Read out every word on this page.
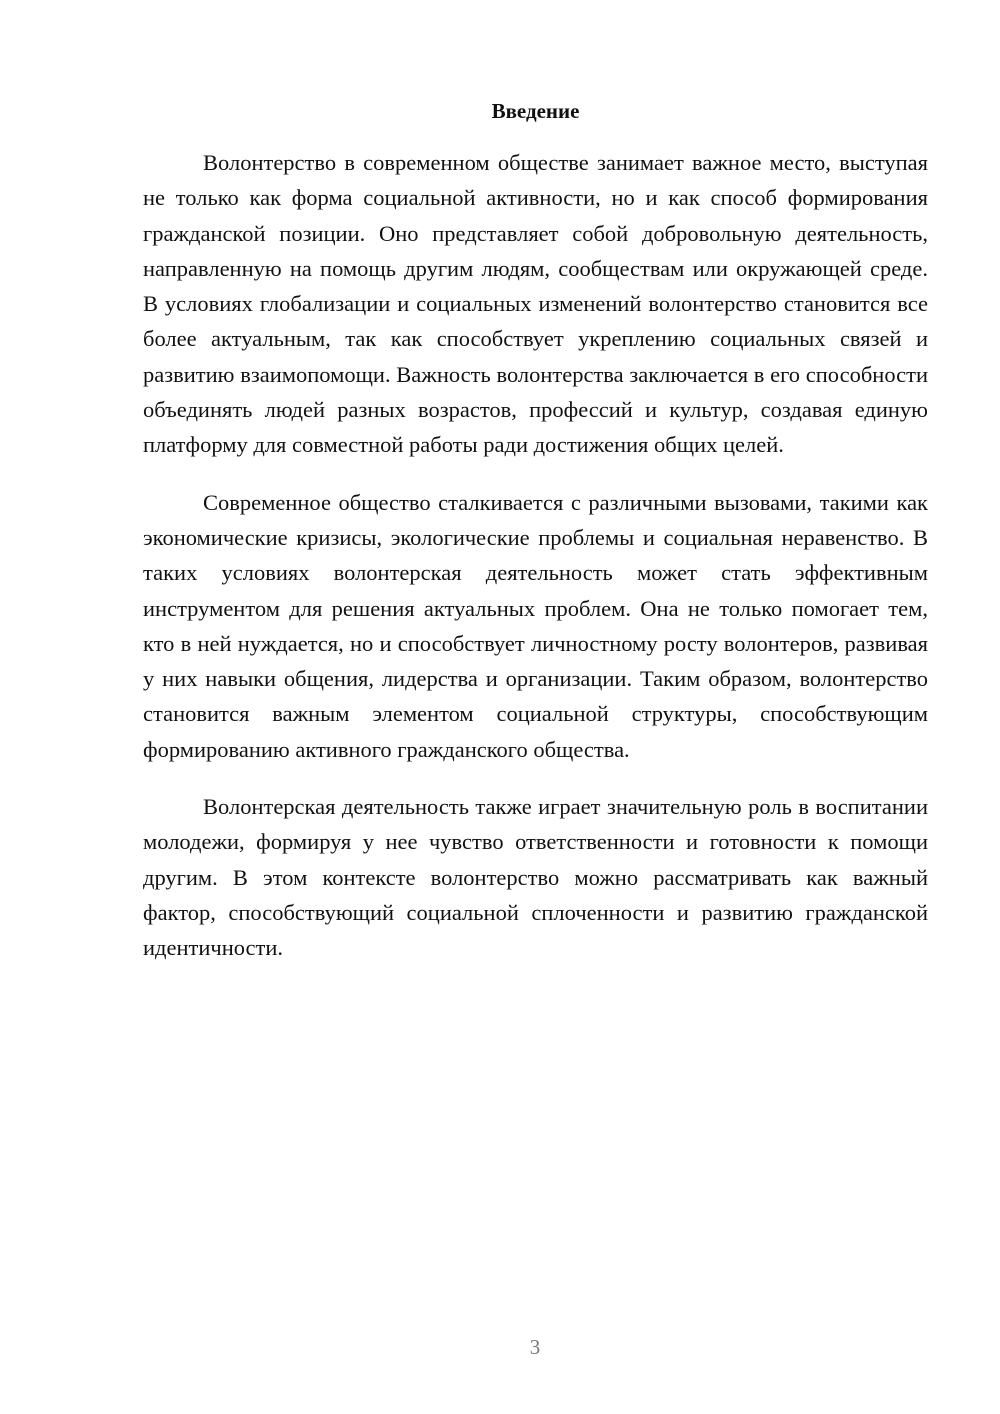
Введение

Волонтерство в современном обществе занимает важное место, выступая не только как форма социальной активности, но и как способ формирования гражданской позиции. Оно представляет собой добровольную деятельность, направленную на помощь другим людям, сообществам или окружающей среде. В условиях глобализации и социальных изменений волонтерство становится все более актуальным, так как способствует укреплению социальных связей и развитию взаимопомощи. Важность волонтерства заключается в его способности объединять людей разных возрастов, профессий и культур, создавая единую платформу для совместной работы ради достижения общих целей.

Современное общество сталкивается с различными вызовами, такими как экономические кризисы, экологические проблемы и социальная неравенство. В таких условиях волонтерская деятельность может стать эффективным инструментом для решения актуальных проблем. Она не только помогает тем, кто в ней нуждается, но и способствует личностному росту волонтеров, развивая у них навыки общения, лидерства и организации. Таким образом, волонтерство становится важным элементом социальной структуры, способствующим формированию активного гражданского общества.

Волонтерская деятельность также играет значительную роль в воспитании молодежи, формируя у нее чувство ответственности и готовности к помощи другим. В этом контексте волонтерство можно рассматривать как важный фактор, способствующий социальной сплоченности и развитию гражданской идентичности.

3
